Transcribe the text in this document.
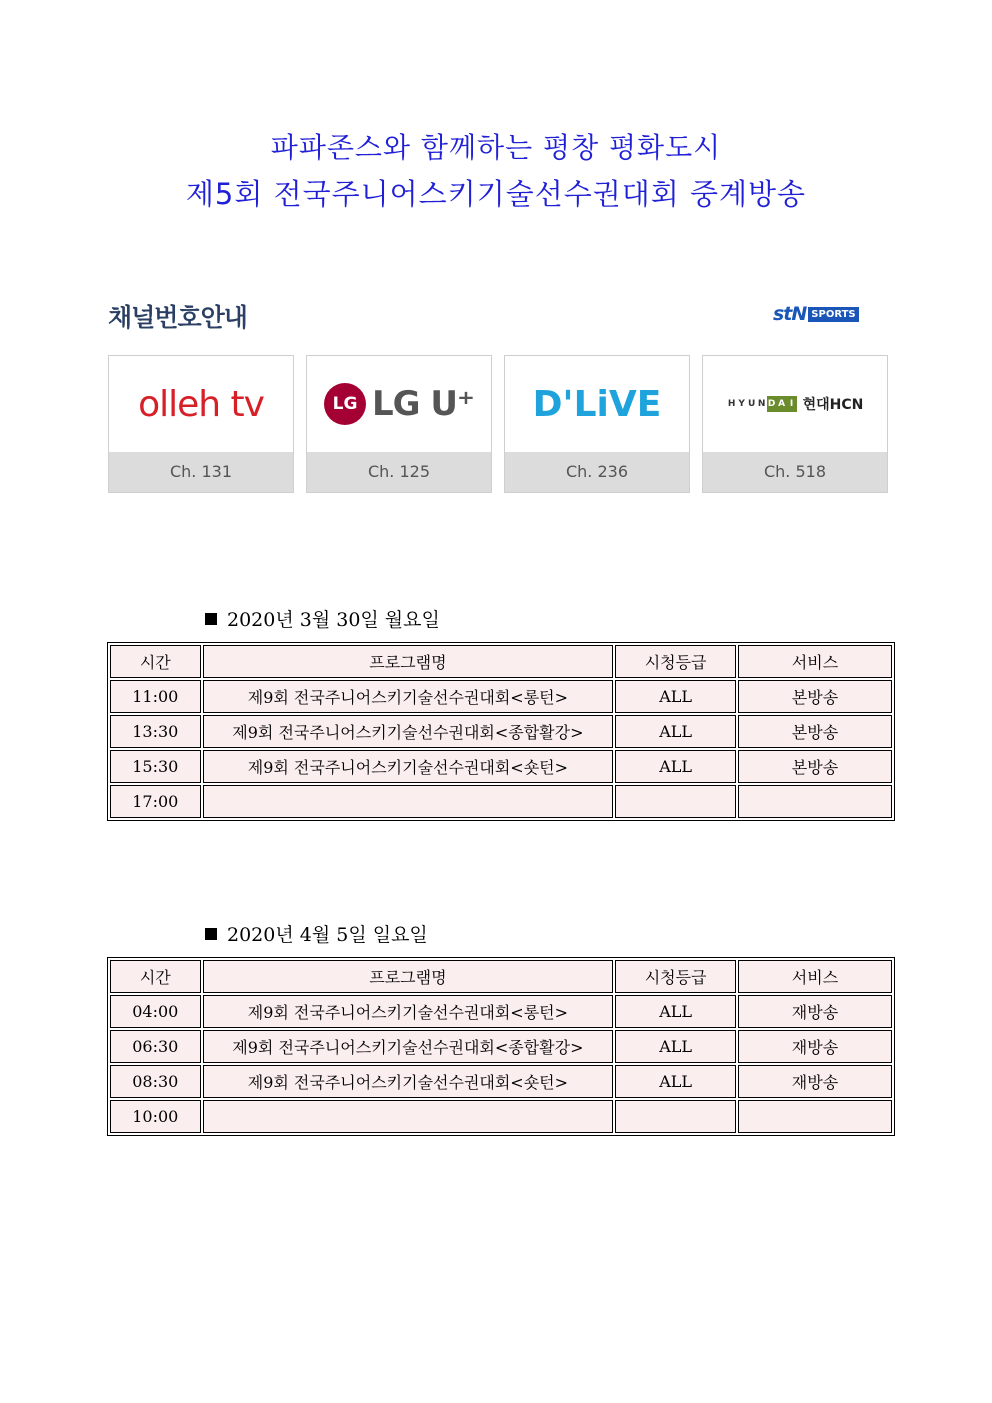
파파존스와 함께하는 평창 평화도시
제5회 전국주니어스키기술선수권대회 중계방송
채널번호안내	stN SPORTS
olleh tv
Ch. 131
LG LG U⁺
Ch. 125
D'LiVE
Ch. 236
H Y U N D A I 현대HCN
Ch. 518
2020년 3월 30일 월요일
시간	프로그램명	시청등급	서비스
11:00	제9회 전국주니어스키기술선수권대회<롱턴>	ALL	본방송
13:30	제9회 전국주니어스키기술선수권대회<종합활강>	ALL	본방송
15:30	제9회 전국주니어스키기술선수권대회<숏턴>	ALL	본방송
17:00			
2020년 4월 5일 일요일
시간	프로그램명	시청등급	서비스
04:00	제9회 전국주니어스키기술선수권대회<롱턴>	ALL	재방송
06:30	제9회 전국주니어스키기술선수권대회<종합활강>	ALL	재방송
08:30	제9회 전국주니어스키기술선수권대회<숏턴>	ALL	재방송
10:00			
